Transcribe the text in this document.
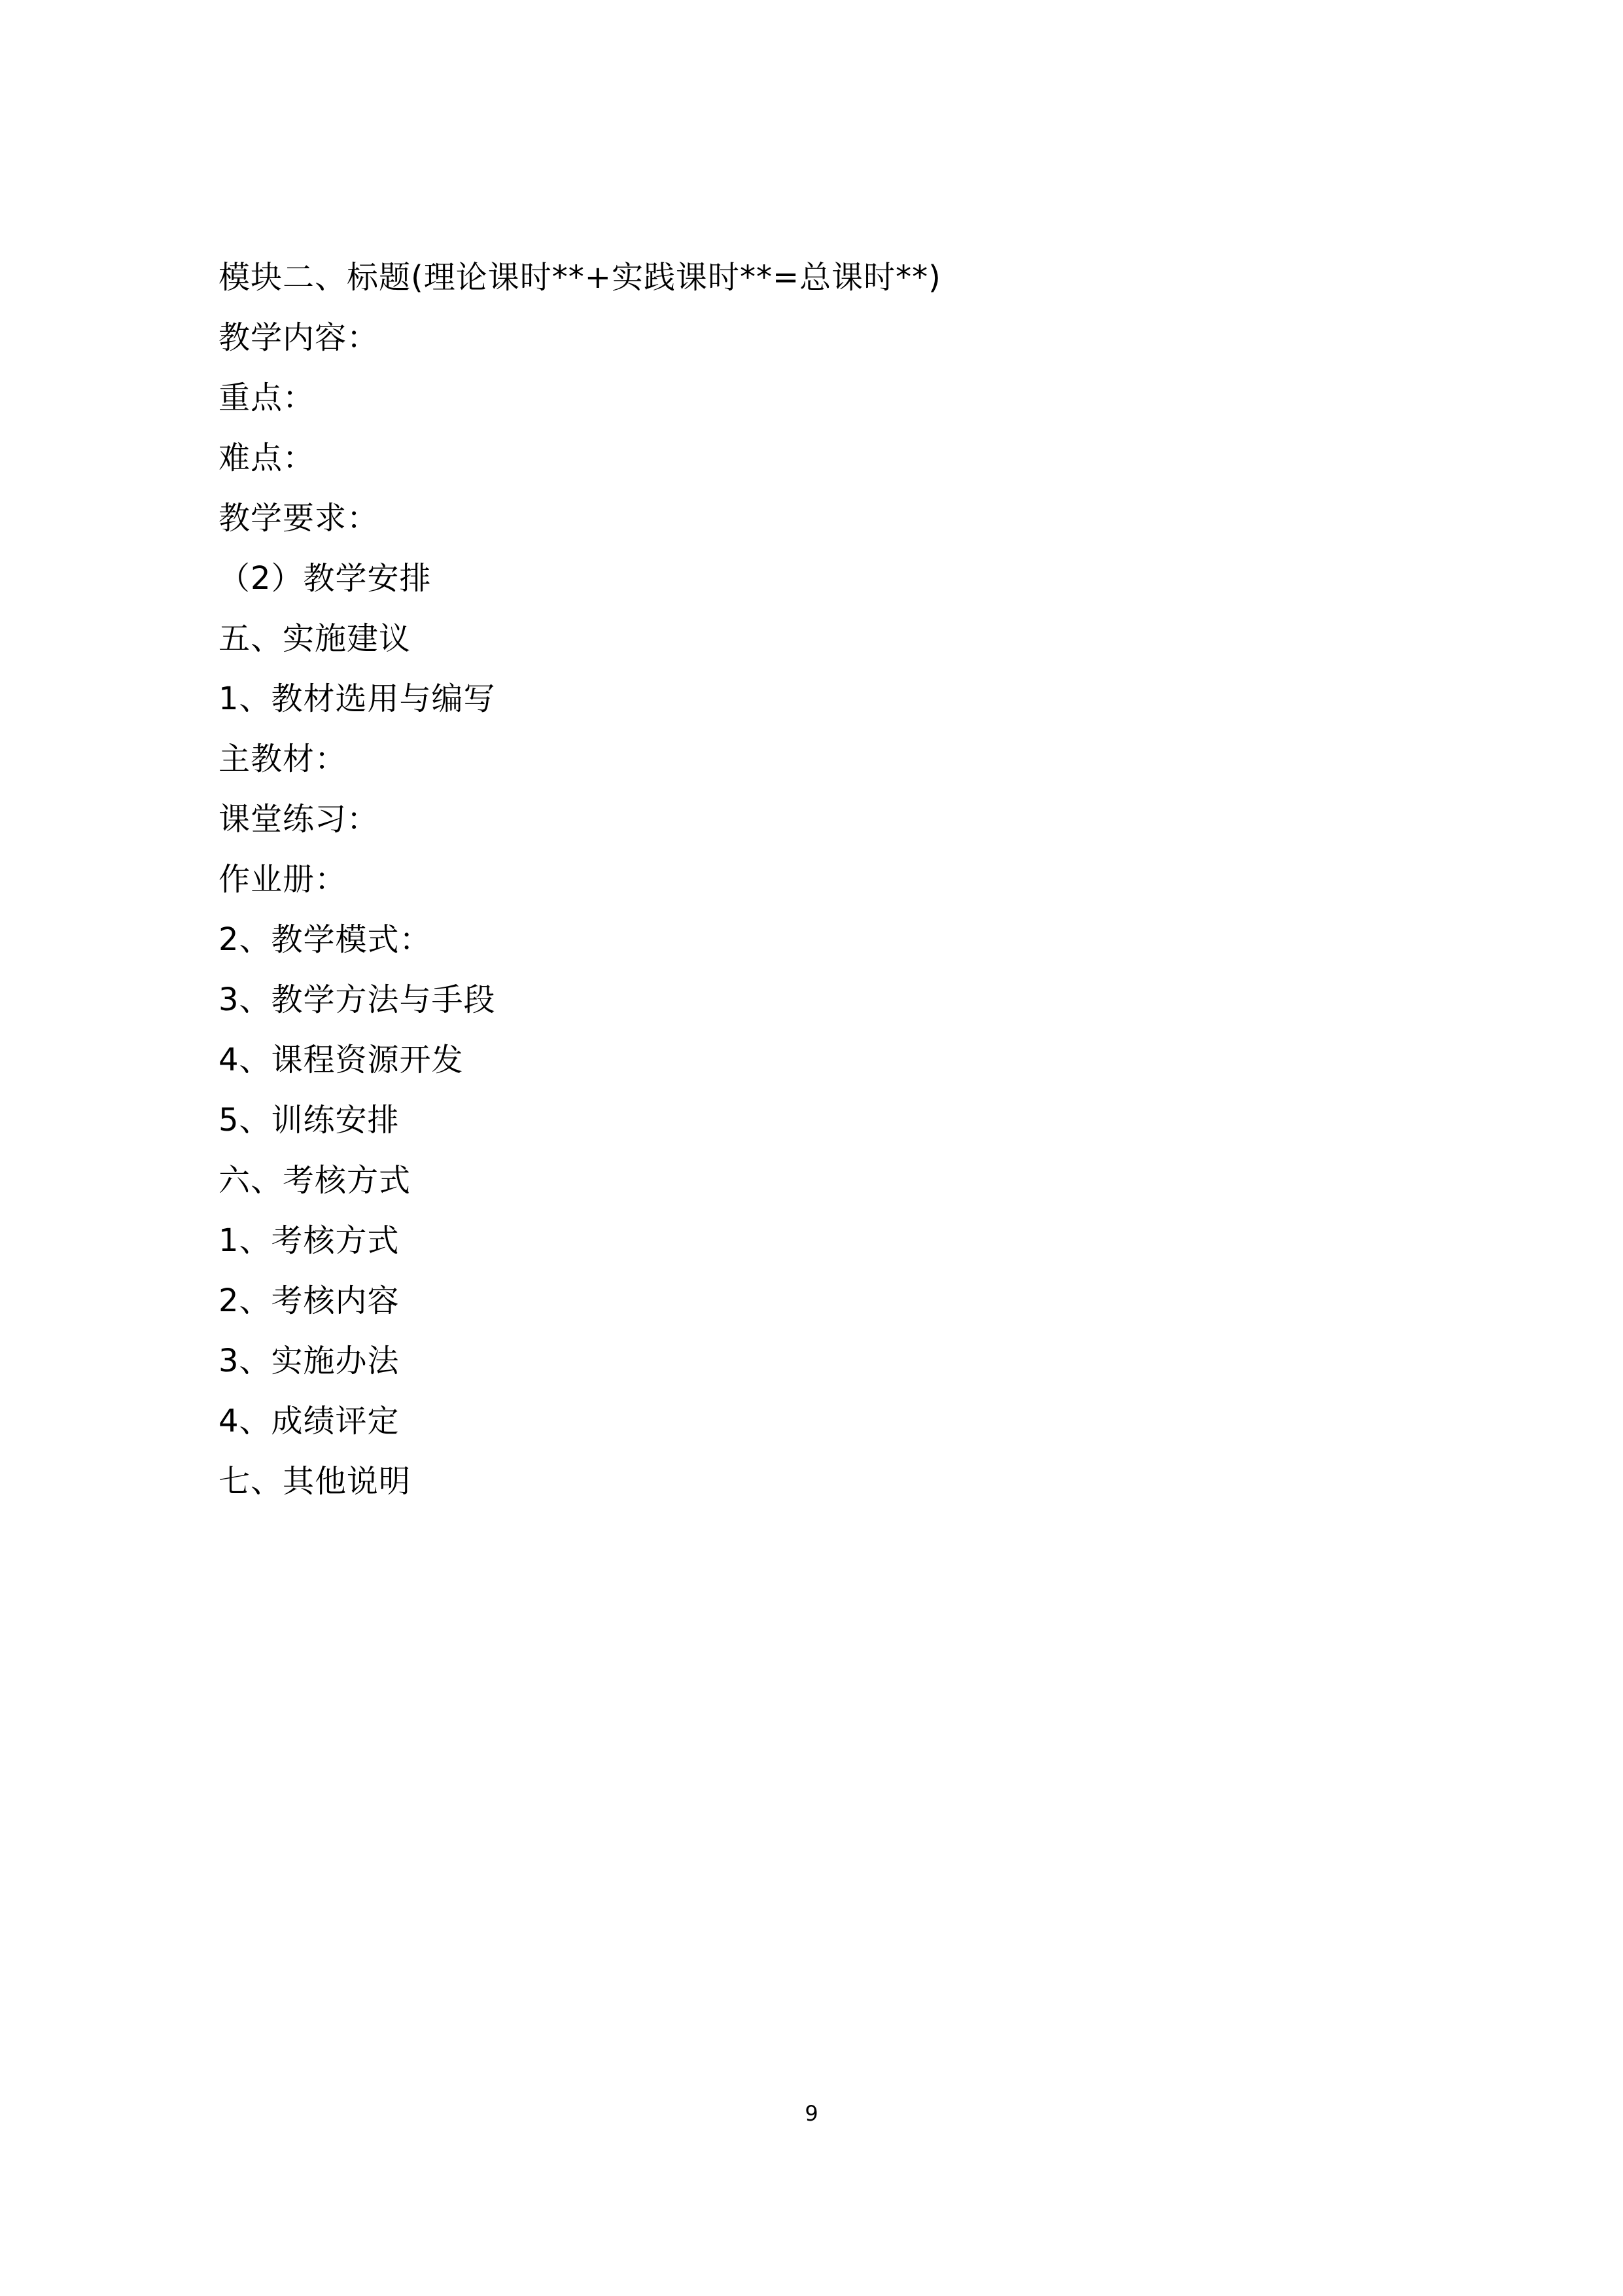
模块二、标题(理论课时**+实践课时**=总课时**)
教学内容：
重点：
难点：
教学要求：
（2）教学安排
五、实施建议
1、教材选用与编写
主教材：
课堂练习：
作业册：
2、教学模式：
3、教学方法与手段
4、课程资源开发
5、训练安排
六、考核方式
1、考核方式
2、考核内容
3、实施办法
4、成绩评定
七、其他说明
9
